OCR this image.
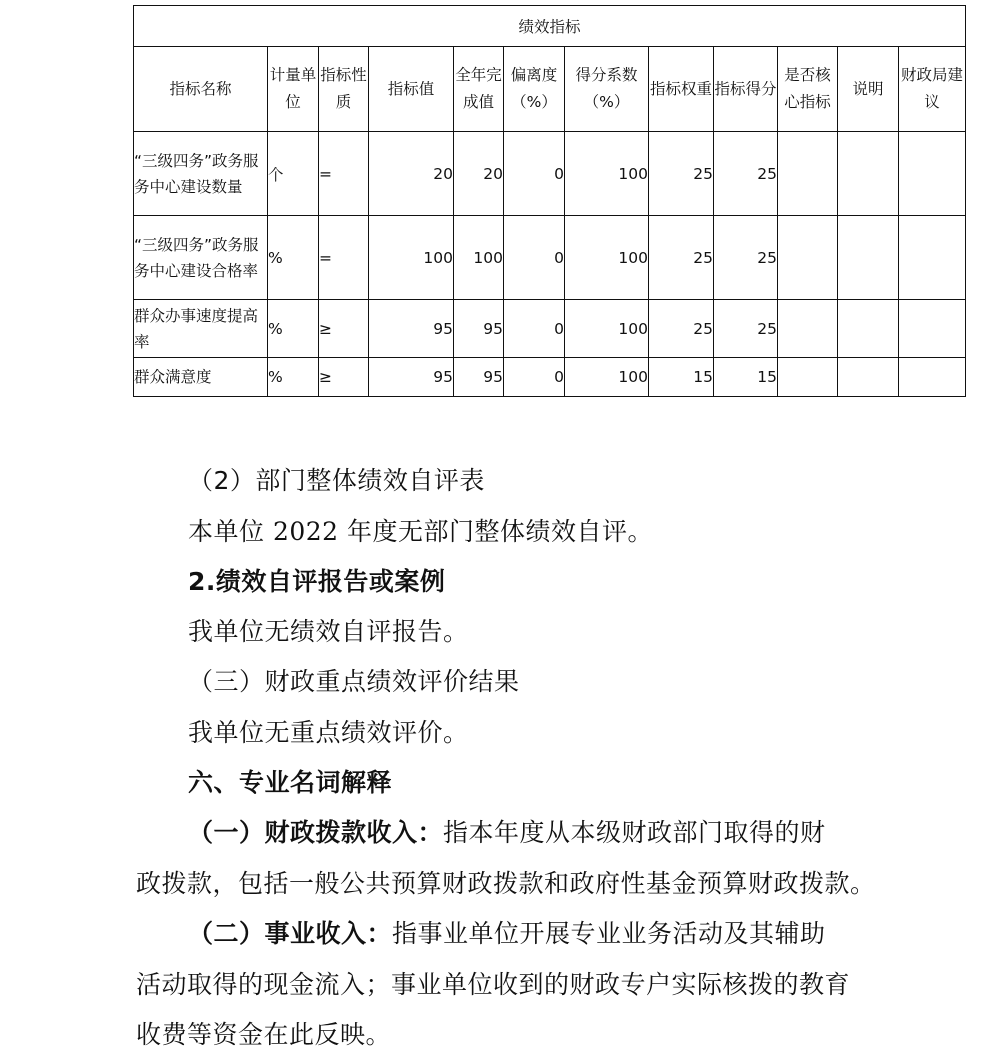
绩效指标											
指标名称	计量单位	指标性质	指标值	全年完成值	偏离度（%）	得分系数（%）	指标权重	指标得分	是否核心指标	说明	财政局建议
“三级四务”政务服务中心建设数量	个	=	20	20	0	100	25	25			
“三级四务”政务服务中心建设合格率	%	=	100	100	0	100	25	25			
群众办事速度提高率	%	≥	95	95	0	100	25	25			
群众满意度	%	≥	95	95	0	100	15	15			
（2）部门整体绩效自评表
本单位 2022 年度无部门整体绩效自评。
2.绩效自评报告或案例
我单位无绩效自评报告。
（三）财政重点绩效评价结果
我单位无重点绩效评价。
六、专业名词解释
（一）财政拨款收入：指本年度从本级财政部门取得的财
政拨款，包括一般公共预算财政拨款和政府性基金预算财政拨款。
（二）事业收入：指事业单位开展专业业务活动及其辅助
活动取得的现金流入；事业单位收到的财政专户实际核拨的教育
收费等资金在此反映。
